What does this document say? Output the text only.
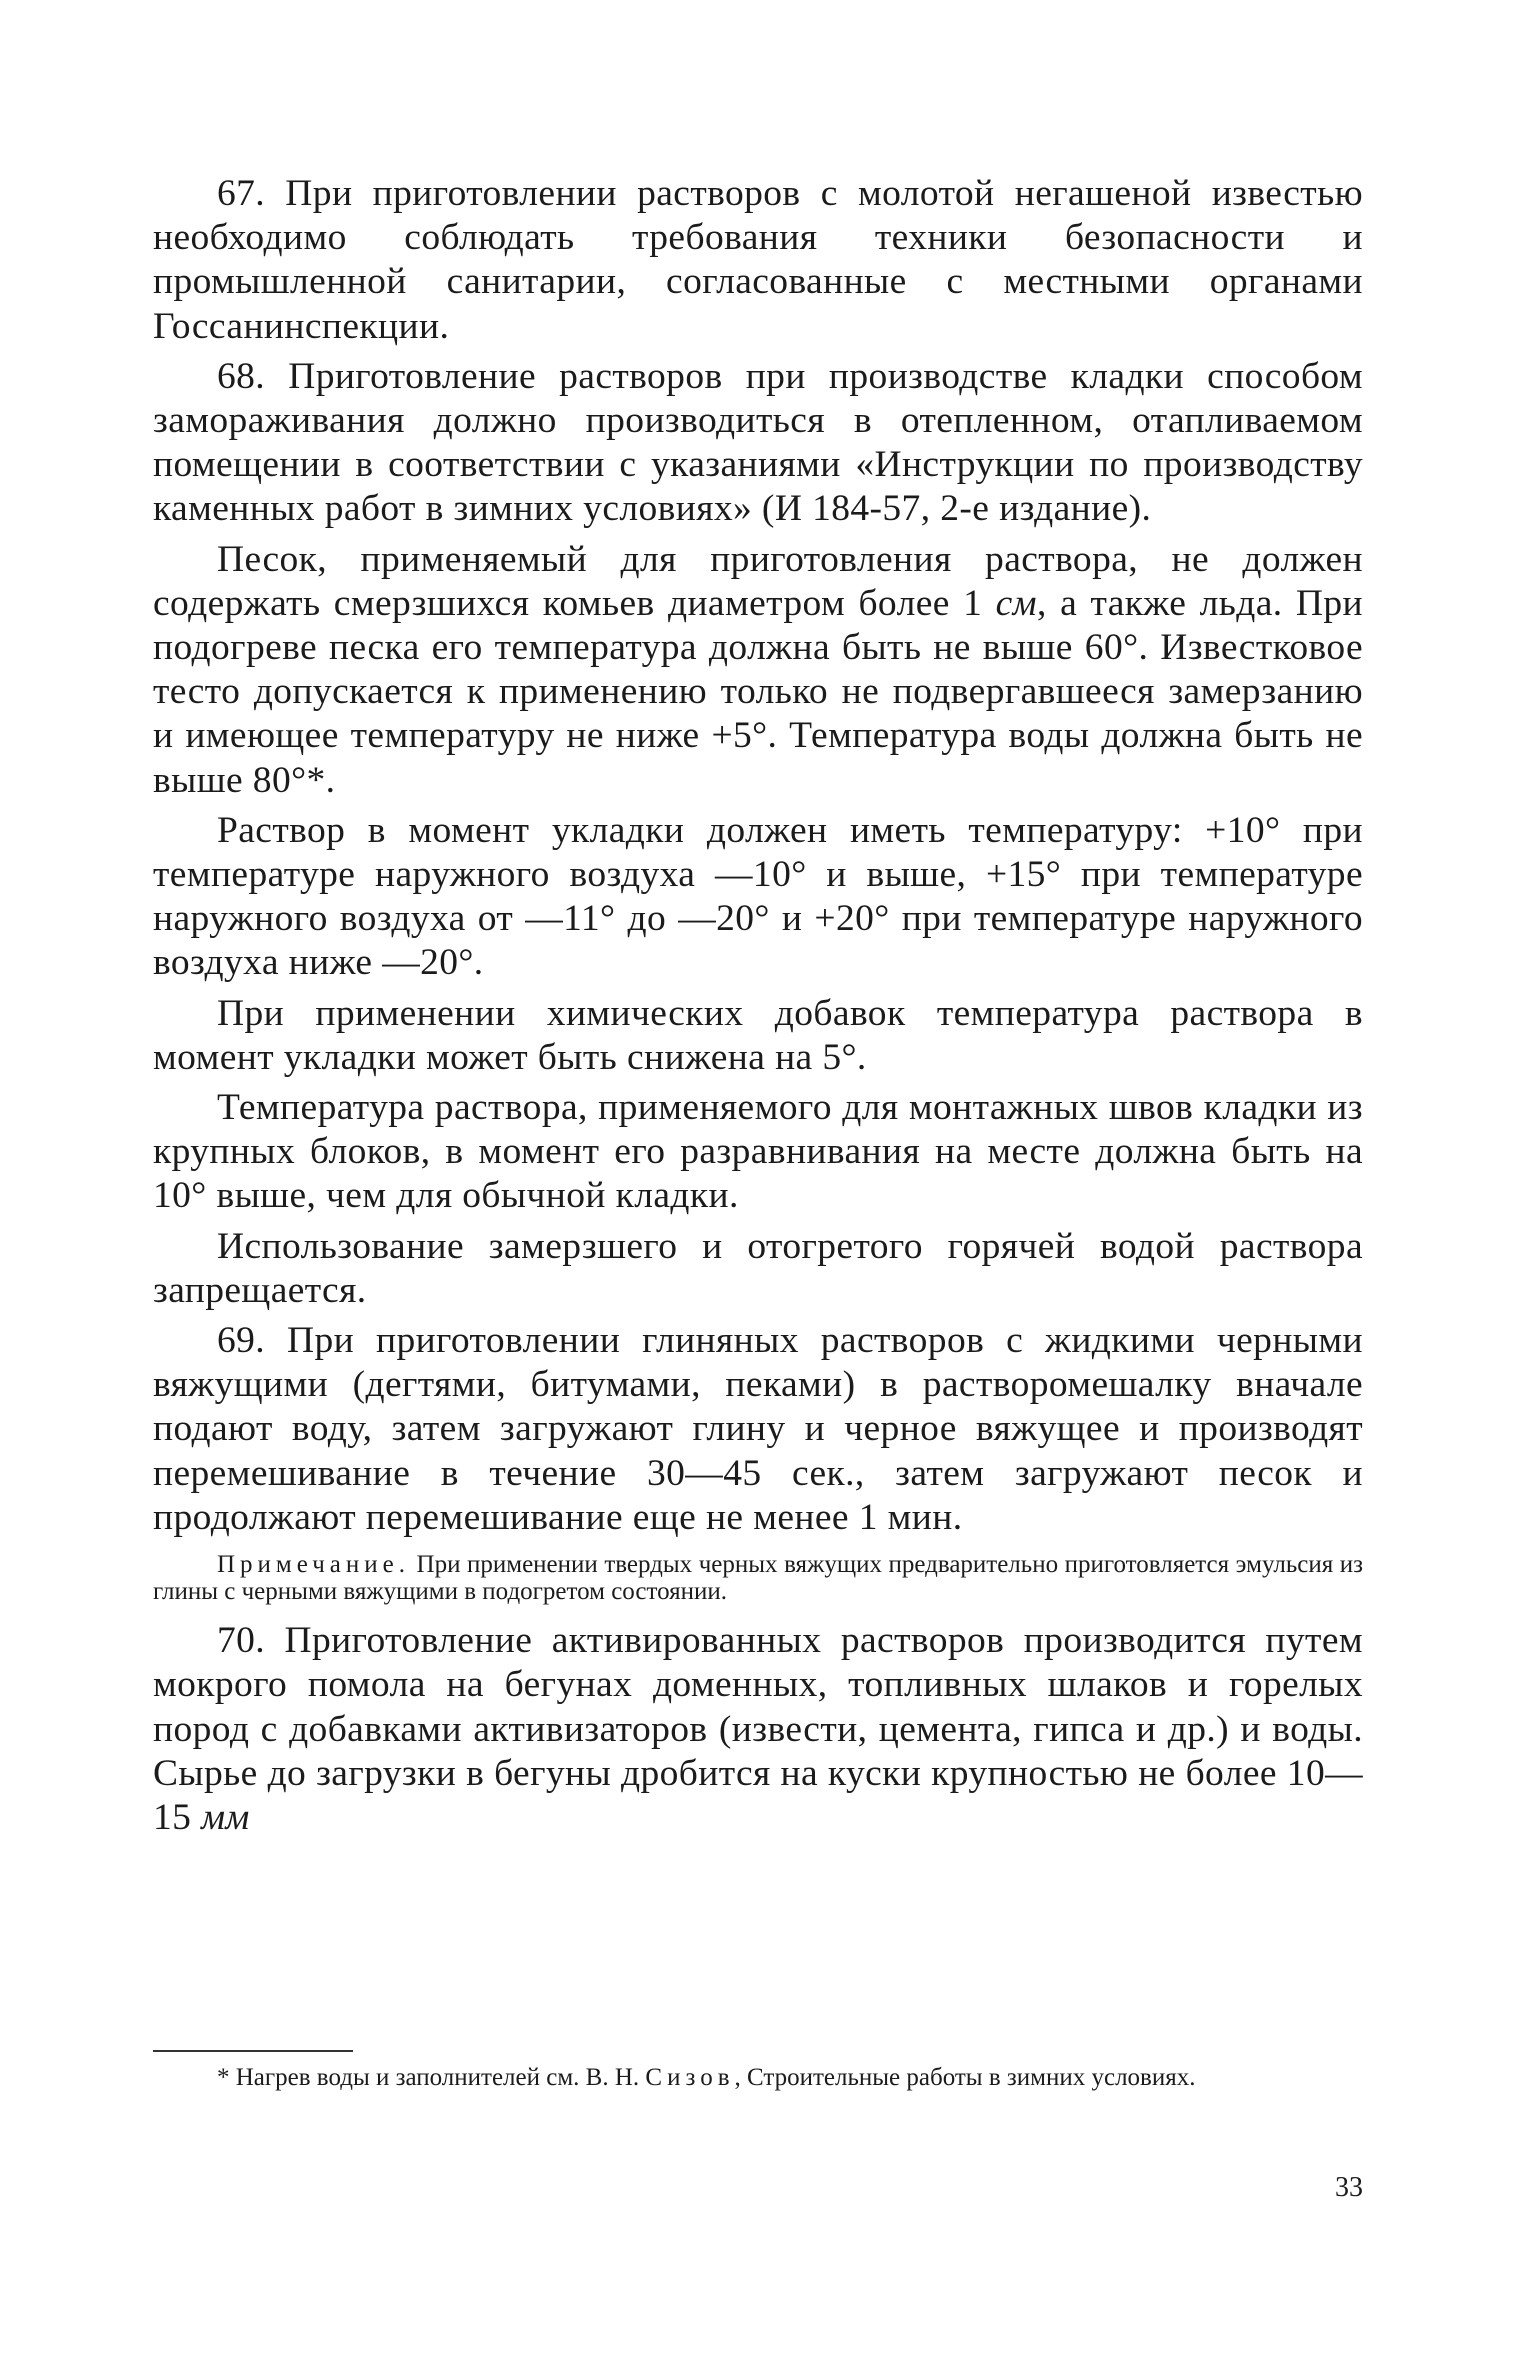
67. При приготовлении растворов с молотой негашеной известью необходимо соблюдать требования техники безопасности и промышленной санитарии, согласованные с местными органами Госсанинспекции.

68. Приготовление растворов при производстве кладки способом замораживания должно производиться в отепленном, отапливаемом помещении в соответствии с указаниями «Инструкции по производству каменных работ в зимних условиях» (И 184-57, 2-е издание).

Песок, применяемый для приготовления раствора, не должен содержать смерзшихся комьев диаметром более 1 см, а также льда. При подогреве песка его температура должна быть не выше 60°. Известковое тесто допускается к применению только не подвергавшееся замерзанию и имеющее температуру не ниже +5°. Температура воды должна быть не выше 80°*.

Раствор в момент укладки должен иметь температуру: +10° при температуре наружного воздуха —10° и выше, +15° при температуре наружного воздуха от —11° до —20° и +20° при температуре наружного воздуха ниже —20°.

При применении химических добавок температура раствора в момент укладки может быть снижена на 5°.

Температура раствора, применяемого для монтажных швов кладки из крупных блоков, в момент его разравнивания на месте должна быть на 10° выше, чем для обычной кладки.

Использование замерзшего и отогретого горячей водой раствора запрещается.

69. При приготовлении глиняных растворов с жидкими черными вяжущими (дегтями, битумами, пеками) в растворомешалку вначале подают воду, затем загружают глину и черное вяжущее и производят перемешивание в течение 30—45 сек., затем загружают песок и продолжают перемешивание еще не менее 1 мин.

Примечание. При применении твердых черных вяжущих предварительно приготовляется эмульсия из глины с черными вяжущими в подогретом состоянии.

70. Приготовление активированных растворов производится путем мокрого помола на бегунах доменных, топливных шлаков и горелых пород с добавками активизаторов (извести, цемента, гипса и др.) и воды. Сырье до загрузки в бегуны дробится на куски крупностью не более 10—15 мм

* Нагрев воды и заполнителей см. В. Н. Сизов, Строительные работы в зимних условиях.

33
